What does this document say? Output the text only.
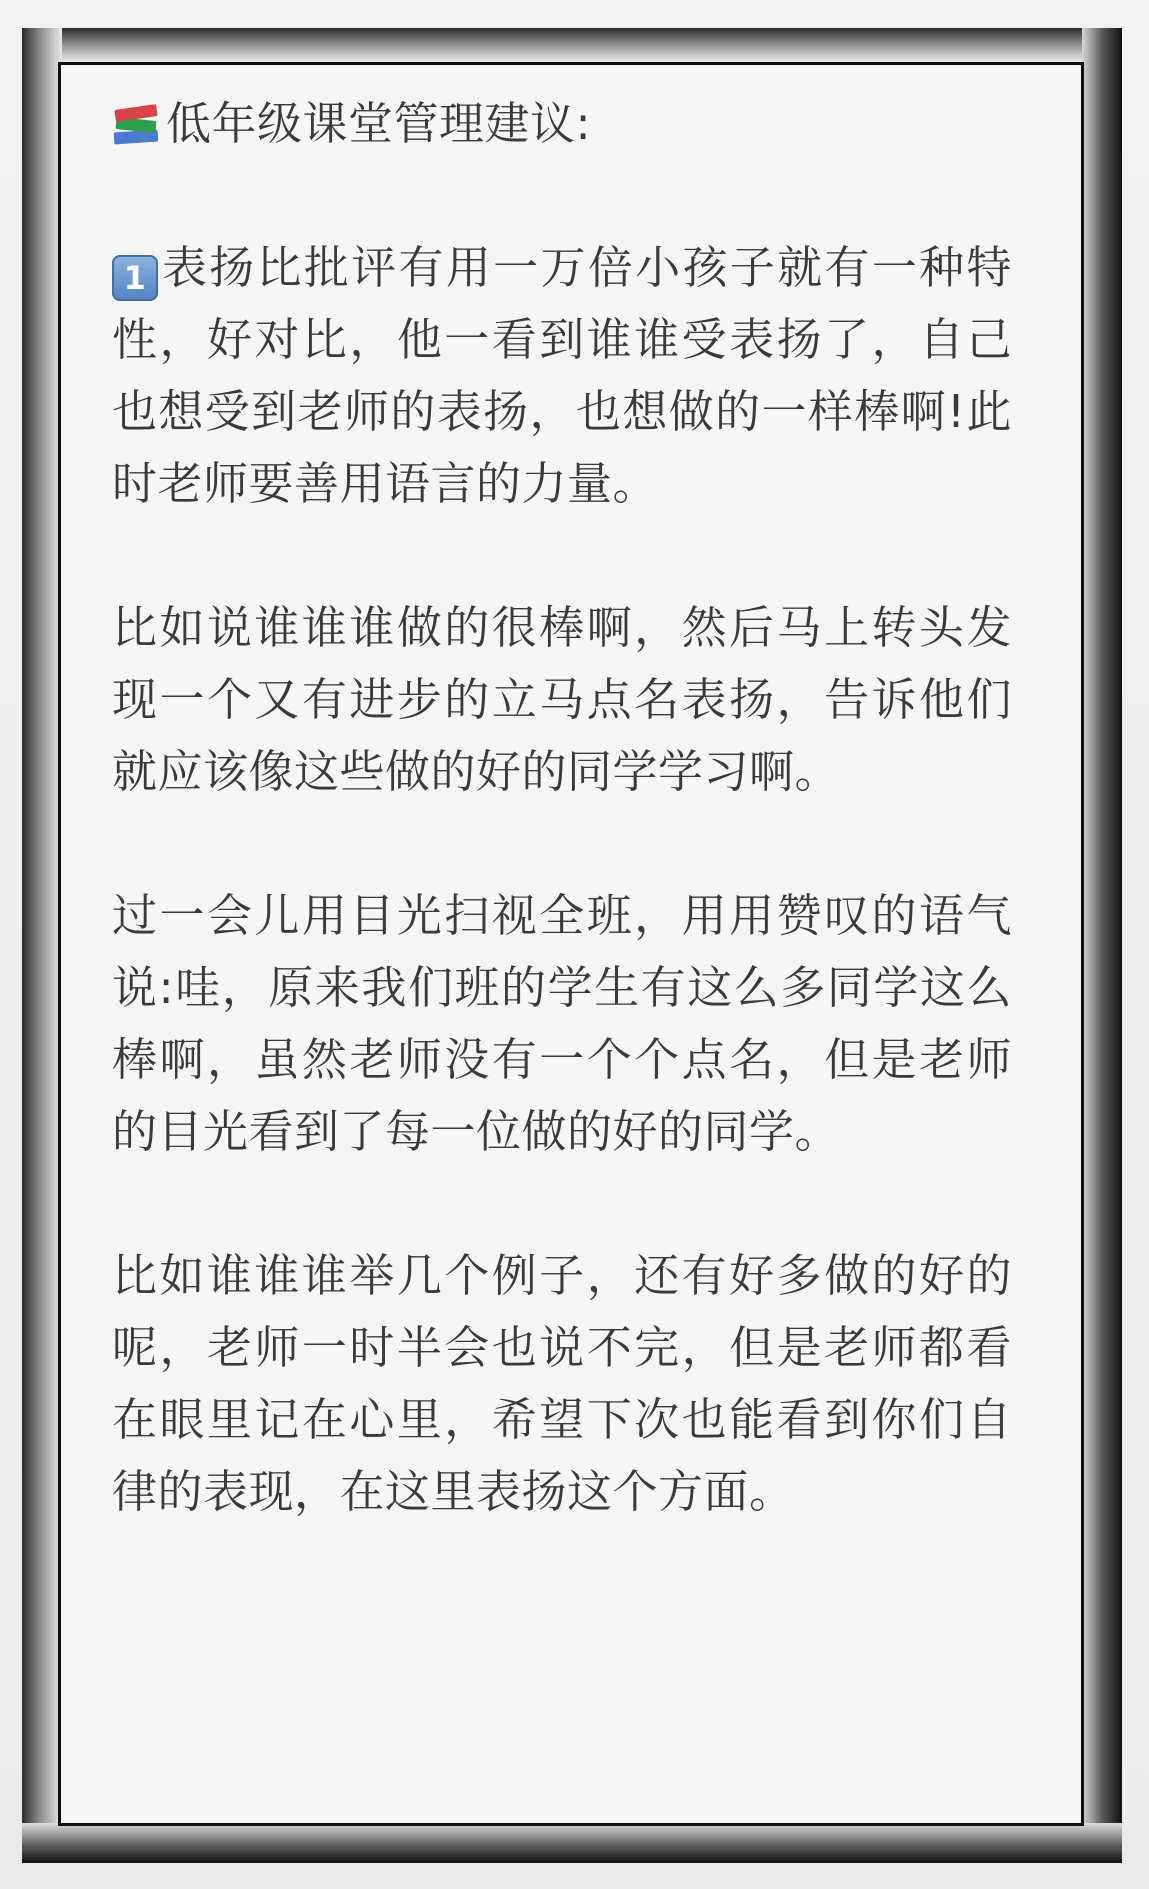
低年级课堂管理建议:

1 表扬比批评有用一万倍小孩子就有一种特性，好对比，他一看到谁谁受表扬了，自己也想受到老师的表扬，也想做的一样棒啊!此时老师要善用语言的力量。

比如说谁谁谁做的很棒啊，然后马上转头发现一个又有进步的立马点名表扬，告诉他们就应该像这些做的好的同学学习啊。

过一会儿用目光扫视全班，用用赞叹的语气说:哇，原来我们班的学生有这么多同学这么棒啊，虽然老师没有一个个点名，但是老师的目光看到了每一位做的好的同学。

比如谁谁谁举几个例子，还有好多做的好的呢，老师一时半会也说不完，但是老师都看在眼里记在心里，希望下次也能看到你们自律的表现，在这里表扬这个方面。
